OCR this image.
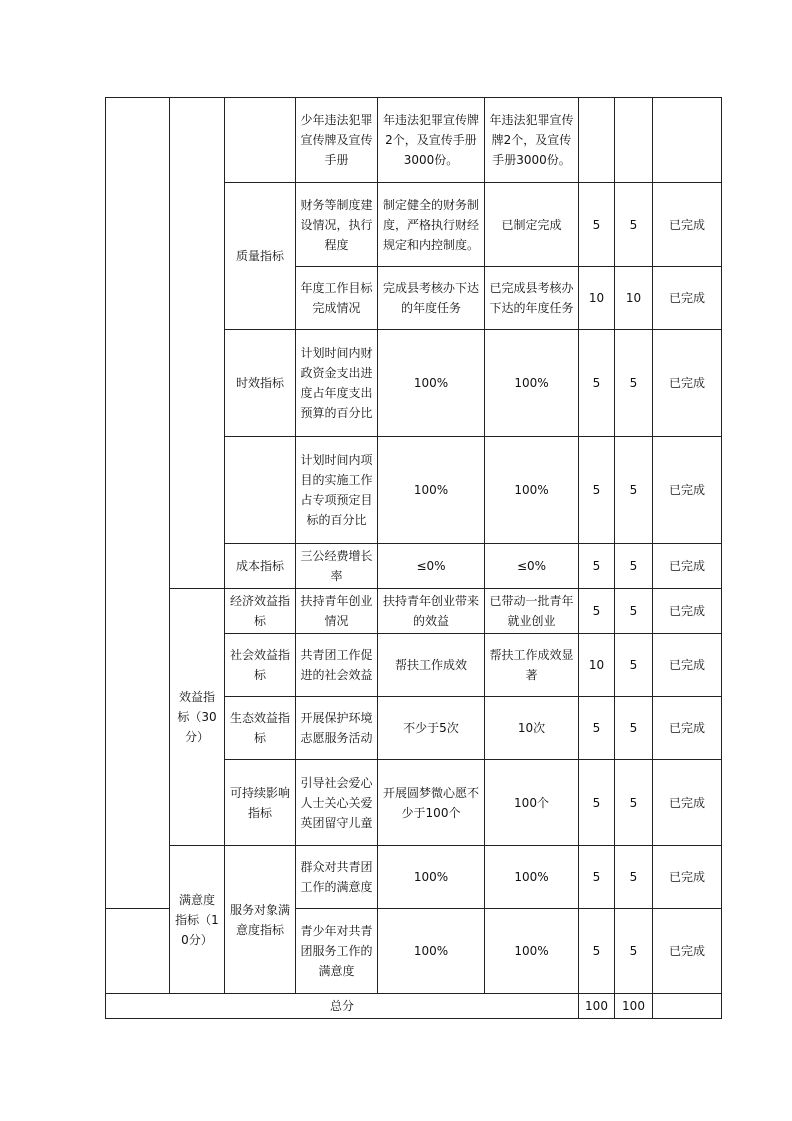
			少年违法犯罪宣传牌及宣传手册	年违法犯罪宣传牌2个，及宣传手册3000份。	年违法犯罪宣传牌2个，及宣传手册3000份。			
		质量指标	财务等制度建设情况，执行程度	制定健全的财务制度，严格执行财经规定和内控制度。	已制定完成	5	5	已完成
			年度工作目标完成情况	完成县考核办下达的年度任务	已完成县考核办下达的年度任务	10	10	已完成
		时效指标	计划时间内财政资金支出进度占年度支出预算的百分比	100%	100%	5	5	已完成
			计划时间内项目的实施工作占专项预定目标的百分比	100%	100%	5	5	已完成
		成本指标	三公经费增长率	≤0%	≤0%	5	5	已完成
	效益指标（30分）	经济效益指标	扶持青年创业情况	扶持青年创业带来的效益	已带动一批青年就业创业	5	5	已完成
		社会效益指标	共青团工作促进的社会效益	帮扶工作成效	帮扶工作成效显著	10	5	已完成
		生态效益指标	开展保护环境志愿服务活动	不少于5次	10次	5	5	已完成
		可持续影响指标	引导社会爱心人士关心关爱英团留守儿童	开展圆梦微心愿不少于100个	100个	5	5	已完成
	满意度指标（10分）	服务对象满意度指标	群众对共青团工作的满意度	100%	100%	5	5	已完成
			青少年对共青团服务工作的满意度	100%	100%	5	5	已完成
总分						100	100	
